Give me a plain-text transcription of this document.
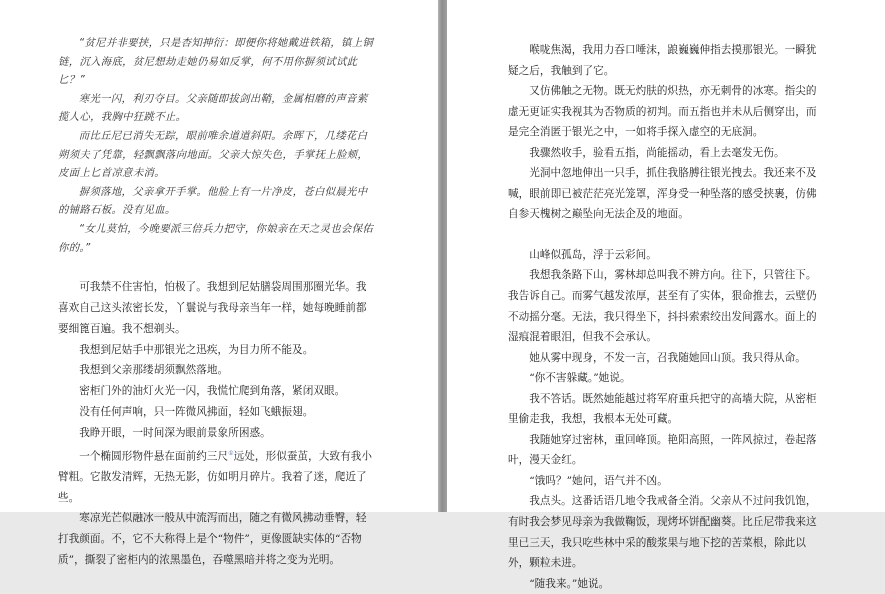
“贫尼并非要挟，只是杏知抻衍：即便你将她戴进铁箱，镇上铜链，沉入海底，贫尼想劫走她仍易如反掌，何不用你摒须试试此匕？”

寒光一闪，利刃夺目。父亲随即拔剑出鞘，金属相磨的声音萦揽人心，我胸中狂跳不止。

而比丘尼已消失无踪，眼前唯余道道斜阳。余晖下，几缕花白朔须夫了凭靠，轻飘飘落向地面。父亲大惊失色，手掌抚上脸颊，皮面上匕首凉意未消。

摒须落地，父亲拿开手掌。他脸上有一片净皮，苍白似晨光中的铺路石板。没有见血。

“女儿莫怕，今晚要派三倍兵力把守，你娘亲在天之灵也会保佑你的。”

可我禁不住害怕，怕极了。我想到尼姑膳袋周围那圈光华。我喜欢自己这头浓密长发，丫鬟说与我母亲当年一样，她每晚睡前都要细篦百遍。我不想剃头。

我想到尼姑手中那银光之迅疾，为目力所不能及。

我想到父亲那缕胡须飘然落地。

密柜门外的油灯火光一闪，我慌忙爬到角落，紧闭双眼。

没有任何声响，只一阵微风拂面，轻如飞蛾振翅。

我睁开眼，一时间深为眼前景象所困惑。

一个椭圆形物件悬在面前约三尺①远处，形似蚕茧，大致有我小臂粗。它散发清辉，无热无影，仿如明月碎片。我着了迷，爬近了些。

寒凉光芒似融冰一般从中流泻而出，随之有微风拂动垂臀，轻打我颜面。不，它不大称得上是个“物件”，更像匮缺实体的“否物质”，撕裂了密柜内的浓黑墨色，吞噬黑暗并将之变为光明。

喉咙焦渴，我用力吞口唾沫，踉巍巍伸指去摸那银光。一瞬犹疑之后，我触到了它。

又仿佛触之无物。既无灼肤的炽热，亦无刺骨的冰寒。指尖的虚无更证实我视其为否物质的初判。而五指也并未从后侧穿出，而是完全消匿于银光之中，一如将手探入虚空的无底洞。

我骤然收手，验看五指，尚能摇动，看上去毫发无伤。

光洞中忽地伸出一只手，抓住我胳膊往银光拽去。我还来不及喊，眼前即已被茫茫亮光笼罩，浑身受一种坠落的感受挟裹，仿佛自参天槐树之巅坠向无法企及的地面。

山峰似孤岛，浮于云彩间。

我想我条路下山，雾林却总叫我不辨方向。往下，只管往下。我告诉自己。而雾气越发浓厚，甚至有了实体，狠命推去，云壁仍不动摇分毫。无法，我只得坐下，抖抖索索绞出发间露水。面上的湿痕混着眼泪，但我不会承认。

她从雾中现身，不发一言，召我随她回山顶。我只得从命。

“你不害躲藏。”她说。

我不答话。既然她能越过将军府重兵把守的高墙大院，从密柜里偷走我，我想，我根本无处可藏。

我随她穿过密林，重回峰顶。艳阳高照，一阵风掠过，卷起落叶，漫天金红。

“饿吗？”她问，语气并不凶。

我点头。这番话语几地令我戒备全消。父亲从不过问我饥饱，有时我会梦见母亲为我做鞠饭，现烤坏饼配幽葵。比丘尼带我来这里已三天，我只吃些林中采的酸浆果与地下挖的苦菜根，除此以外，颗粒未进。

“随我来。”她说。
